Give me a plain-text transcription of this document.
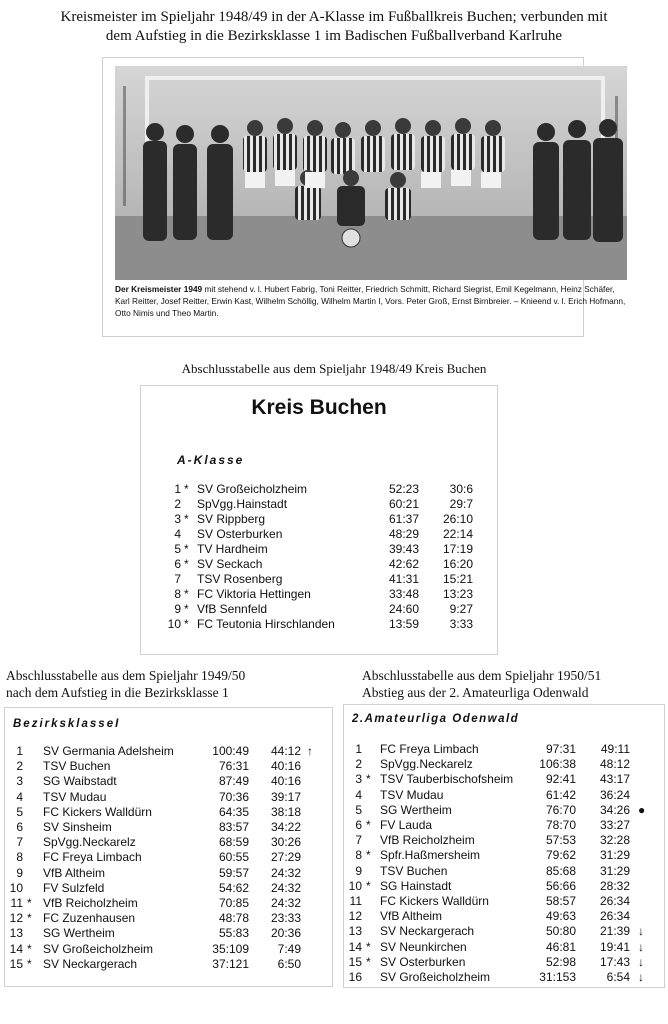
Kreismeister im Spieljahr 1948/49 in der A-Klasse im Fußballkreis Buchen; verbunden mit
dem Aufstieg in die Bezirksklasse 1 im Badischen Fußballverband Karlruhe
Der Kreismeister 1949 mit stehend v. l. Hubert Fabrig, Toni Reitter, Friedrich Schmitt, Richard Siegrist, Emil Kegelmann, Heinz Schäfer, Karl Reitter, Josef Reitter, Erwin Kast, Wilhelm Schöllig, Wilhelm Martin I, Vors. Peter Groß, Ernst Birnbreier. – Knieend v. l. Erich Hofmann, Otto Nimis und Theo Martin.
Abschlusstabelle aus dem Spieljahr 1948/49 Kreis Buchen
Kreis Buchen
A-Klasse
1 * SV Großeicholzheim	52:23	30:6
2 SpVgg.Hainstadt	60:21	29:7
3 * SV Rippberg	61:37	26:10
4 SV Osterburken	48:29	22:14
5 * TV Hardheim	39:43	17:19
6 * SV Seckach	42:62	16:20
7 TSV Rosenberg	41:31	15:21
8 * FC Viktoria Hettingen	33:48	13:23
9 * VfB Sennfeld	24:60	9:27
10 * FC Teutonia Hirschlanden	13:59	3:33
Abschlusstabelle aus dem Spieljahr 1949/50
nach dem Aufstieg in die Bezirksklasse 1
BezirksklasseI
1 SV Germania Adelsheim	100:49	44:12 ↑
2 TSV Buchen	76:31	40:16
3 SG Waibstadt	87:49	40:16
4 TSV Mudau	70:36	39:17
5 FC Kickers Walldürn	64:35	38:18
6 SV Sinsheim	83:57	34:22
7 SpVgg.Neckarelz	68:59	30:26
8 FC Freya Limbach	60:55	27:29
9 VfB Altheim	59:57	24:32
10 FV Sulzfeld	54:62	24:32
11 * VfB Reicholzheim	70:85	24:32
12 * FC Zuzenhausen	48:78	23:33
13 SG Wertheim	55:83	20:36
14 * SV Großeicholzheim	35:109	7:49
15 * SV Neckargerach	37:121	6:50
Abschlusstabelle aus dem Spieljahr 1950/51
Abstieg aus der 2. Amateurliga Odenwald
2.Amateurliga Odenwald
1 FC Freya Limbach	97:31	49:11
2 SpVgg.Neckarelz	106:38	48:12
3 * TSV Tauberbischofsheim	92:41	43:17
4 TSV Mudau	61:42	36:24
5 SG Wertheim	76:70	34:26 ●
6 * FV Lauda	78:70	33:27
7 VfB Reicholzheim	57:53	32:28
8 * Spfr.Haßmersheim	79:62	31:29
9 TSV Buchen	85:68	31:29
10 * SG Hainstadt	56:66	28:32
11 FC Kickers Walldürn	58:57	26:34
12 VfB Altheim	49:63	26:34
13 SV Neckargerach	50:80	21:39 ↓
14 * SV Neunkirchen	46:81	19:41 ↓
15 * SV Osterburken	52:98	17:43 ↓
16 SV Großeicholzheim	31:153	6:54 ↓
